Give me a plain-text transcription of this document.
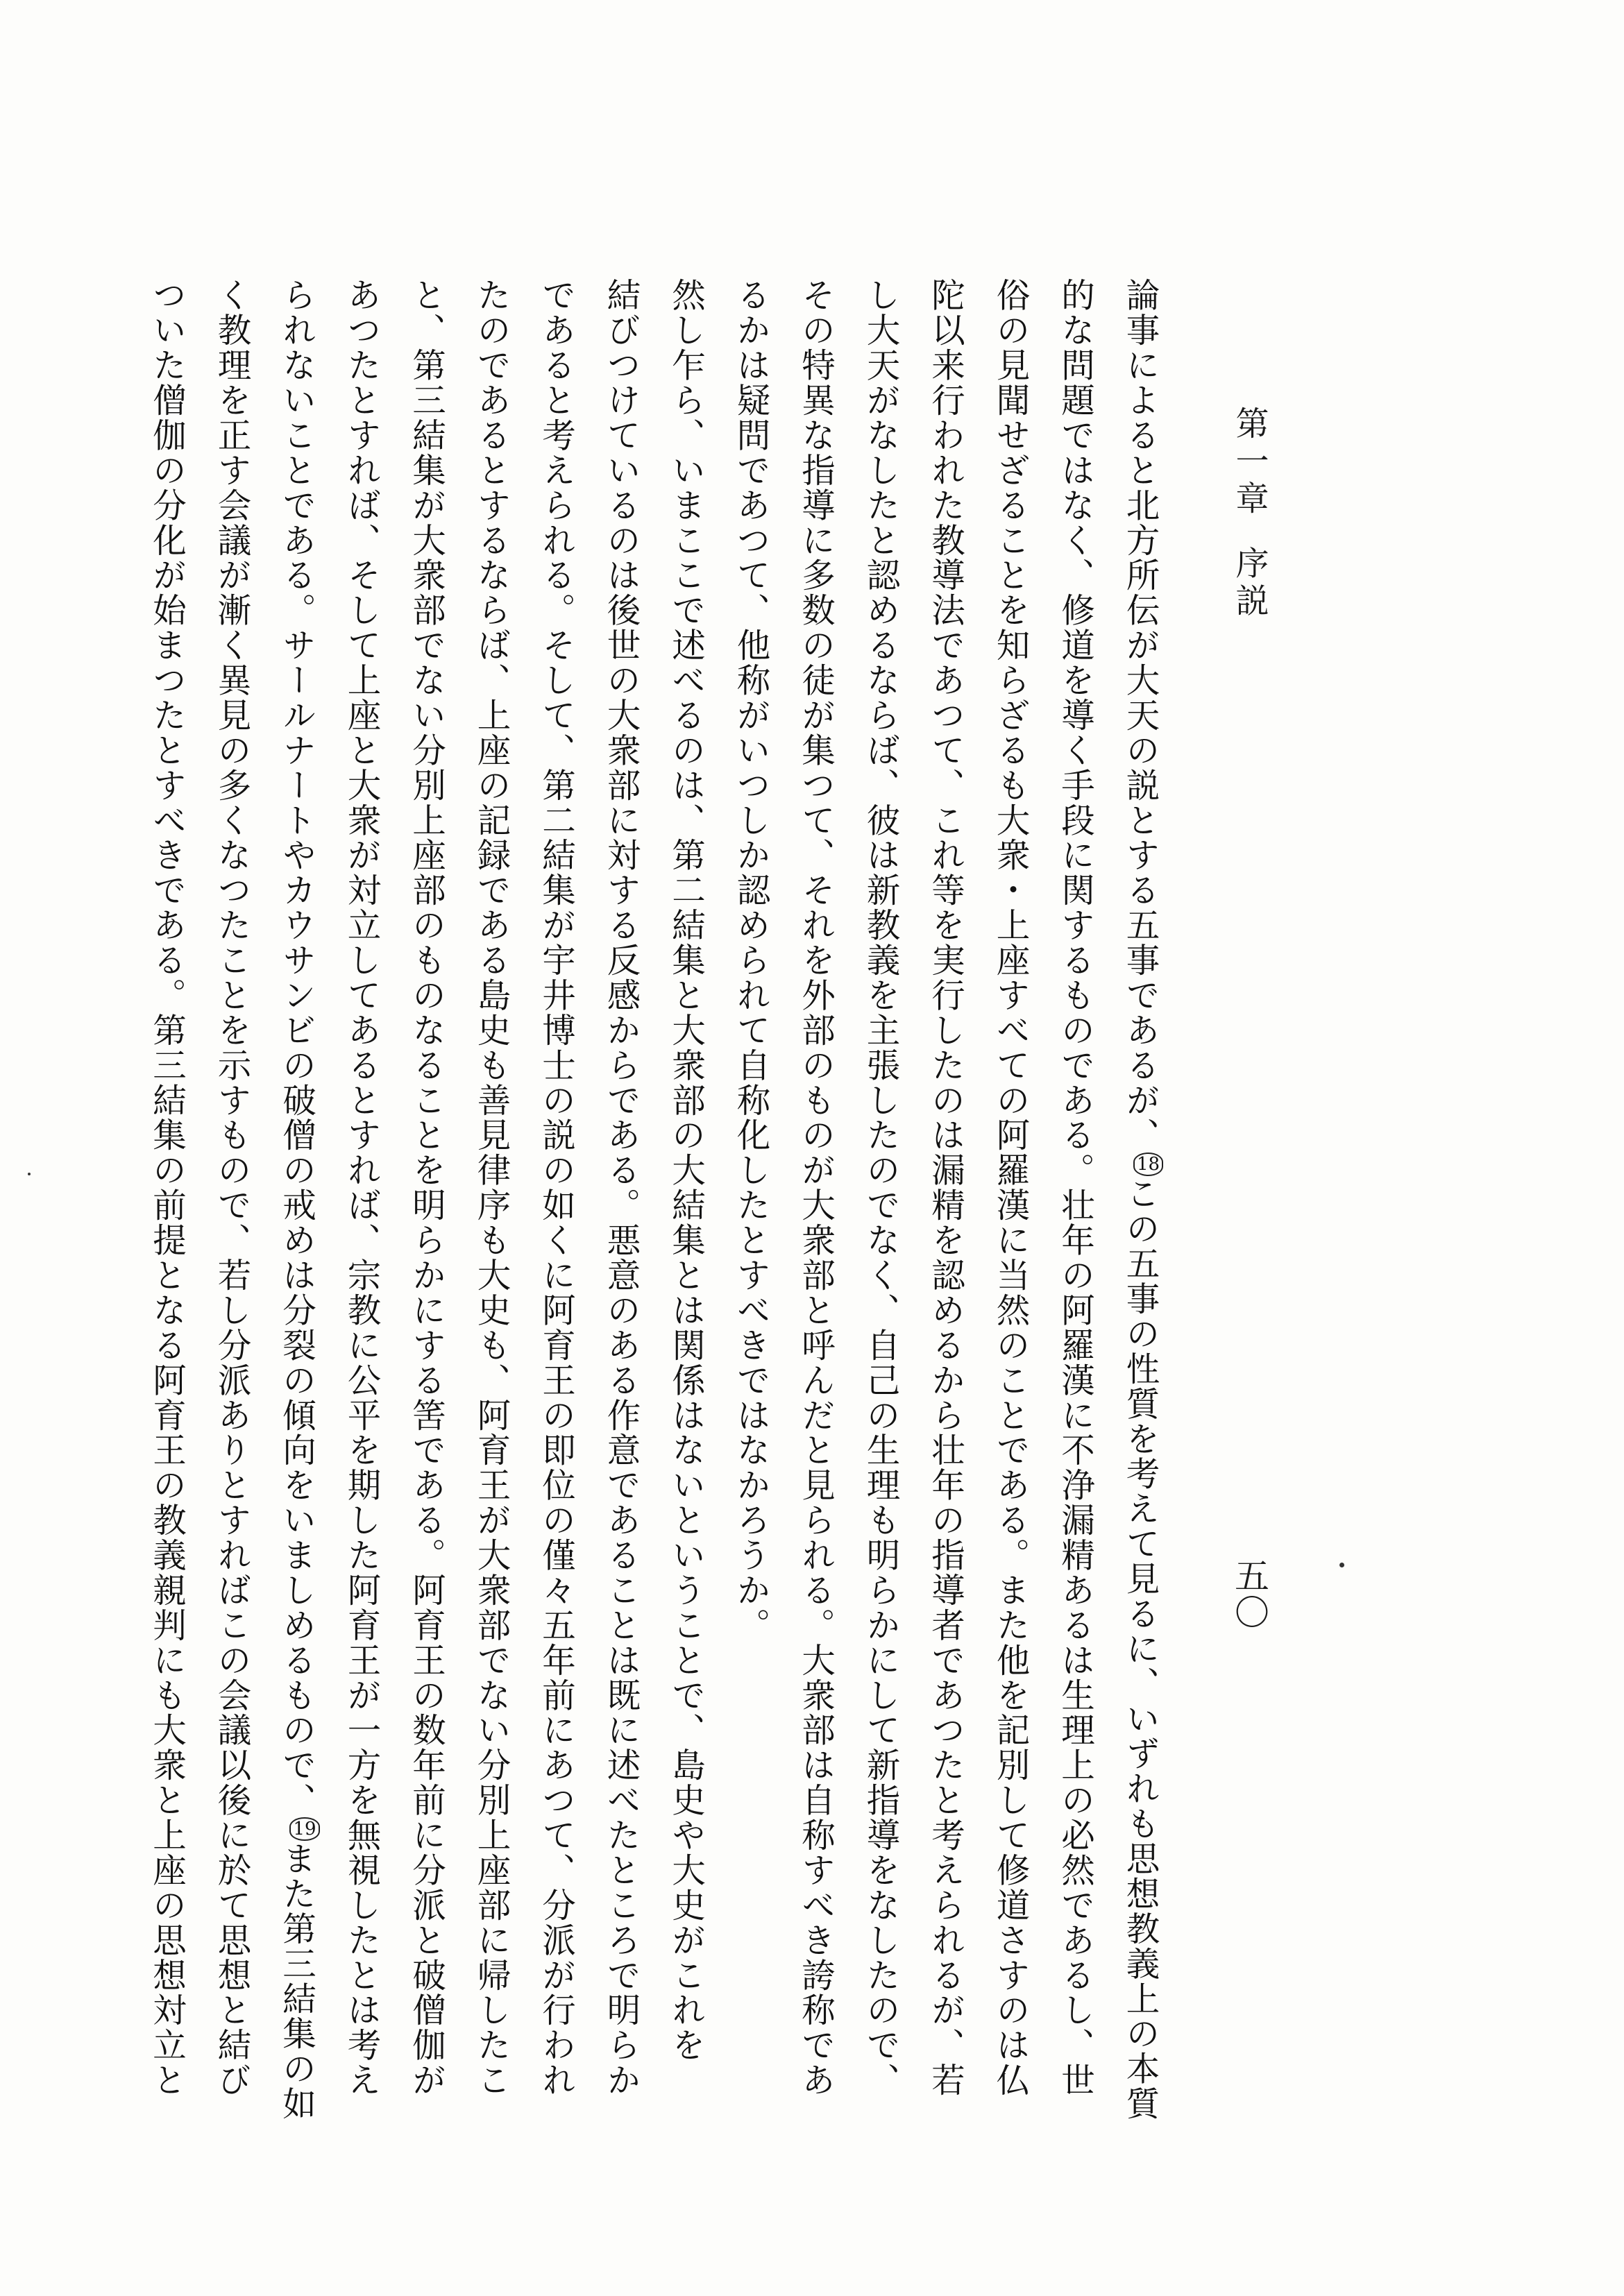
第一章序説
五〇
論事によると北方所伝が大天の説とする五事であるが、18この五事の性質を考えて見るに、いずれも思想教義上の本質
的な問題ではなく、修道を導く手段に関するものである。壮年の阿羅漢に不浄漏精あるは生理上の必然であるし、世
俗の見聞せざることを知らざるも大衆・上座すべての阿羅漢に当然のことである。また他を記別して修道さすのは仏
陀以来行われた教導法であつて、これ等を実行したのは漏精を認めるから壮年の指導者であつたと考えられるが、若
し大天がなしたと認めるならば、彼は新教義を主張したのでなく、自己の生理も明らかにして新指導をなしたので、
その特異な指導に多数の徒が集つて、それを外部のものが大衆部と呼んだと見られる。大衆部は自称すべき誇称であ
るかは疑問であつて、他称がいつしか認められて自称化したとすべきではなかろうか。
然し乍ら、いまここで述べるのは、第二結集と大衆部の大結集とは関係はないということで、島史や大史がこれを
結びつけているのは後世の大衆部に対する反感からである。悪意のある作意であることは既に述べたところで明らか
であると考えられる。そして、第二結集が宇井博士の説の如くに阿育王の即位の僅々五年前にあつて、分派が行われ
たのであるとするならば、上座の記録である島史も善見律序も大史も、阿育王が大衆部でない分別上座部に帰したこ
と、第三結集が大衆部でない分別上座部のものなることを明らかにする筈である。阿育王の数年前に分派と破僧伽が
あつたとすれば、そして上座と大衆が対立してあるとすれば、宗教に公平を期した阿育王が一方を無視したとは考え
られないことである。サールナートやカウサンビの破僧の戒めは分裂の傾向をいましめるもので、19また第三結集の如
く教理を正す会議が漸く異見の多くなつたことを示すもので、若し分派ありとすればこの会議以後に於て思想と結び
ついた僧伽の分化が始まつたとすべきである。第三結集の前提となる阿育王の教義親判にも大衆と上座の思想対立と
